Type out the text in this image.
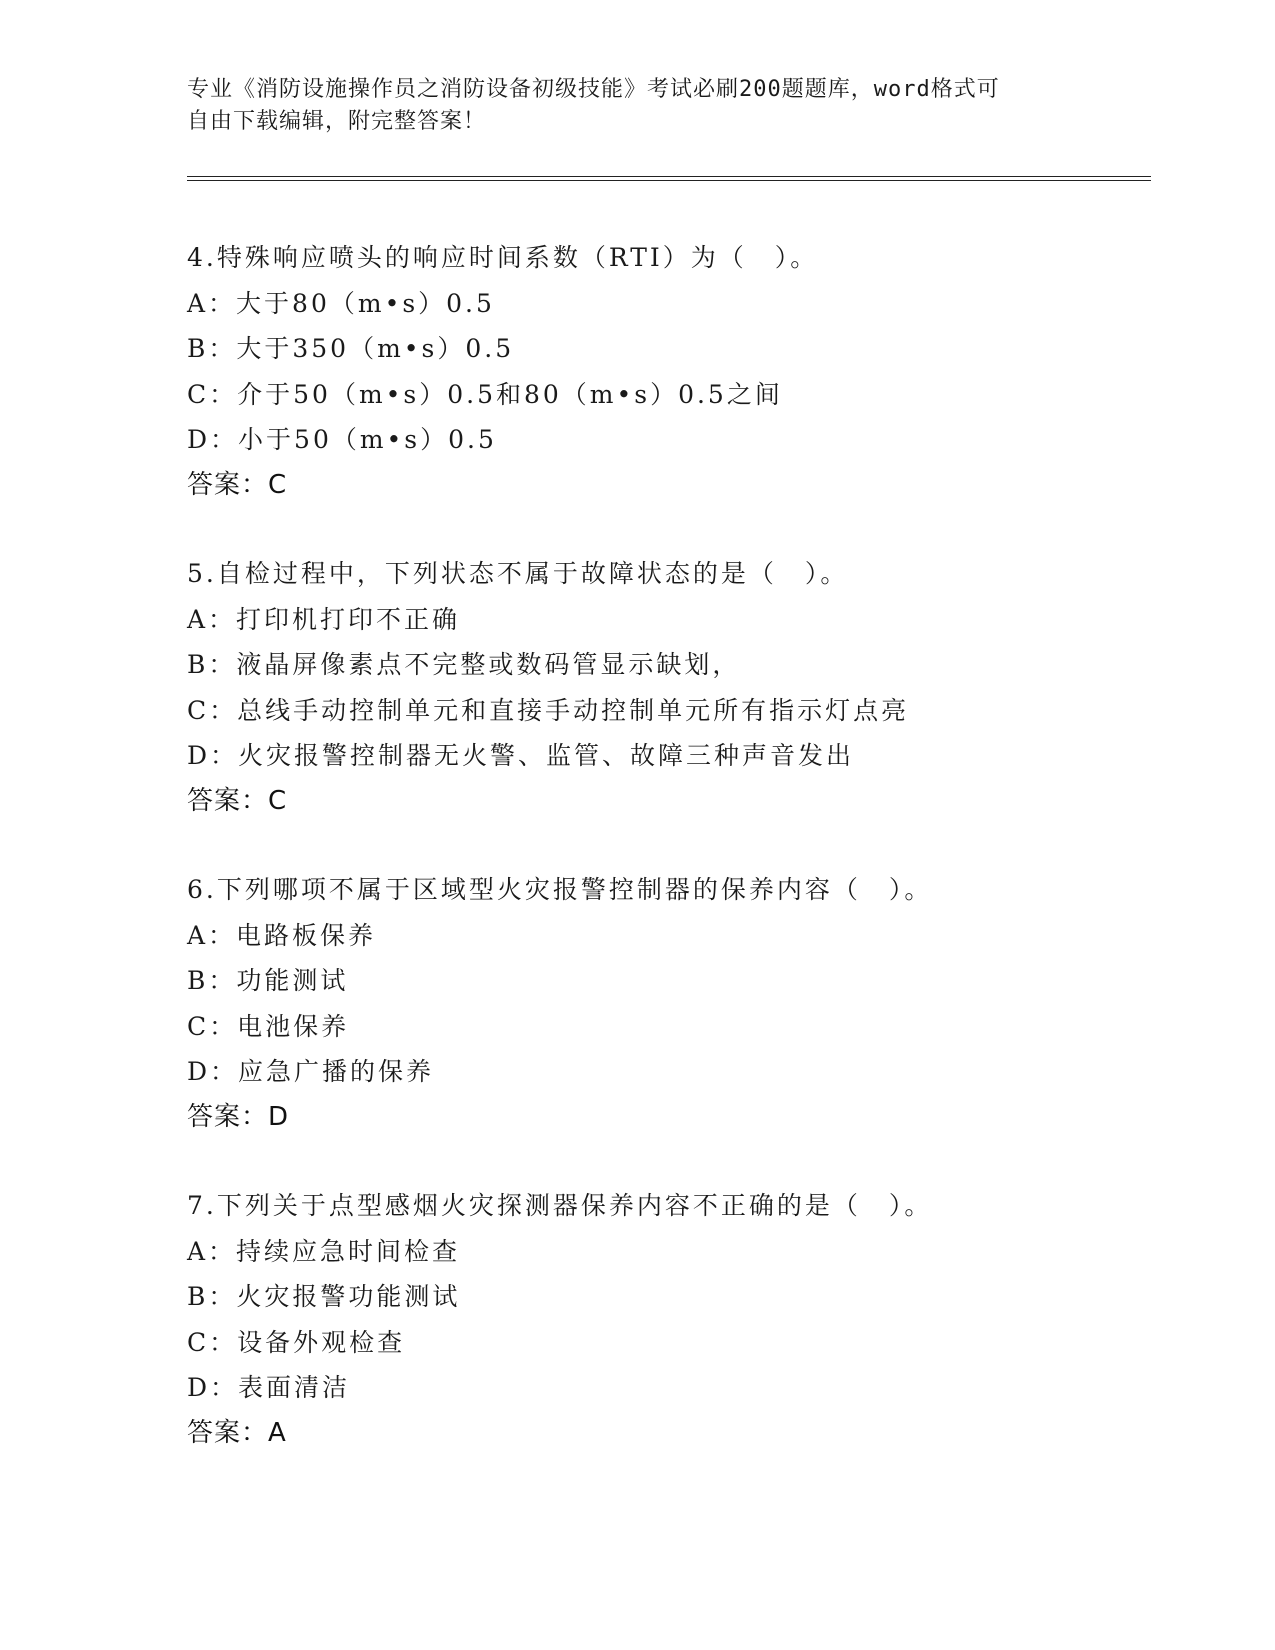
专业《消防设施操作员之消防设备初级技能》考试必刷200题题库，word格式可
自由下载编辑，附完整答案！
4.特殊响应喷头的响应时间系数（RTI）为（　）。
A：大于80（m•s）0.5
B：大于350（m•s）0.5
C：介于50（m•s）0.5和80（m•s）0.5之间
D：小于50（m•s）0.5
答案：C
5.自检过程中，下列状态不属于故障状态的是（　）。
A：打印机打印不正确
B：液晶屏像素点不完整或数码管显示缺划，
C：总线手动控制单元和直接手动控制单元所有指示灯点亮
D：火灾报警控制器无火警、监管、故障三种声音发出
答案：C
6.下列哪项不属于区域型火灾报警控制器的保养内容（　）。
A：电路板保养
B：功能测试
C：电池保养
D：应急广播的保养
答案：D
7.下列关于点型感烟火灾探测器保养内容不正确的是（　）。
A：持续应急时间检查
B：火灾报警功能测试
C：设备外观检查
D：表面清洁
答案：A
